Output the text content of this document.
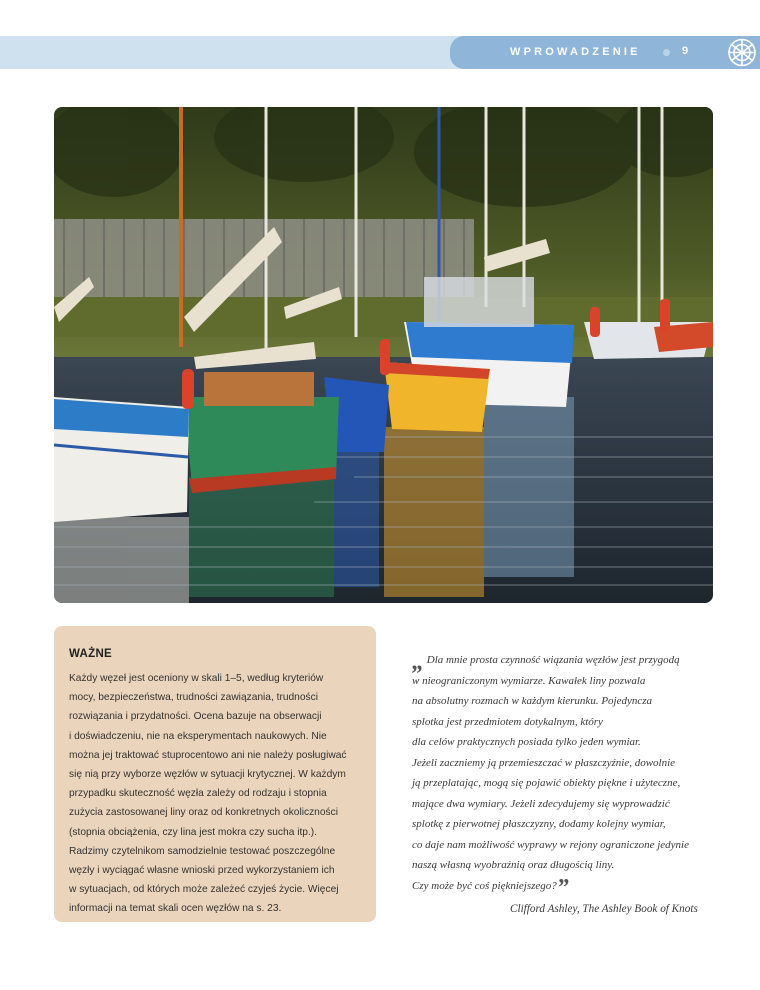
WPROWADZENIE	9
WAŻNE
Każdy węzeł jest oceniony w skali 1–5, według kryteriów
mocy, bezpieczeństwa, trudności zawiązania, trudności
rozwiązania i przydatności. Ocena bazuje na obserwacji
i doświadczeniu, nie na eksperymentach naukowych. Nie
można jej traktować stuprocentowo ani nie należy posługiwać
się nią przy wyborze węzłów w sytuacji krytycznej. W każdym
przypadku skuteczność węzła zależy od rodzaju i stopnia
zużycia zastosowanej liny oraz od konkretnych okoliczności
(stopnia obciążenia, czy lina jest mokra czy sucha itp.).
Radzimy czytelnikom samodzielnie testować poszczególne
węzły i wyciągać własne wnioski przed wykorzystaniem ich
w sytuacjach, od których może zależeć czyjeś życie. Więcej
informacji na temat skali ocen węzłów na s. 23.
„ Dla mnie prosta czynność wiązania węzłów jest przygodą
w nieograniczonym wymiarze. Kawałek liny pozwala
na absolutny rozmach w każdym kierunku. Pojedyncza
splotka jest przedmiotem dotykalnym, który
dla celów praktycznych posiada tylko jeden wymiar.
Jeżeli zaczniemy ją przemieszczać w płaszczyźnie, dowolnie
ją przeplatając, mogą się pojawić obiekty piękne i użyteczne,
mające dwa wymiary. Jeżeli zdecydujemy się wyprowadzić
splotkę z pierwotnej płaszczyzny, dodamy kolejny wymiar,
co daje nam możliwość wyprawy w rejony ograniczone jedynie
naszą własną wyobraźnią oraz długością liny.
Czy może być coś piękniejszego?”
Clifford Ashley, The Ashley Book of Knots
